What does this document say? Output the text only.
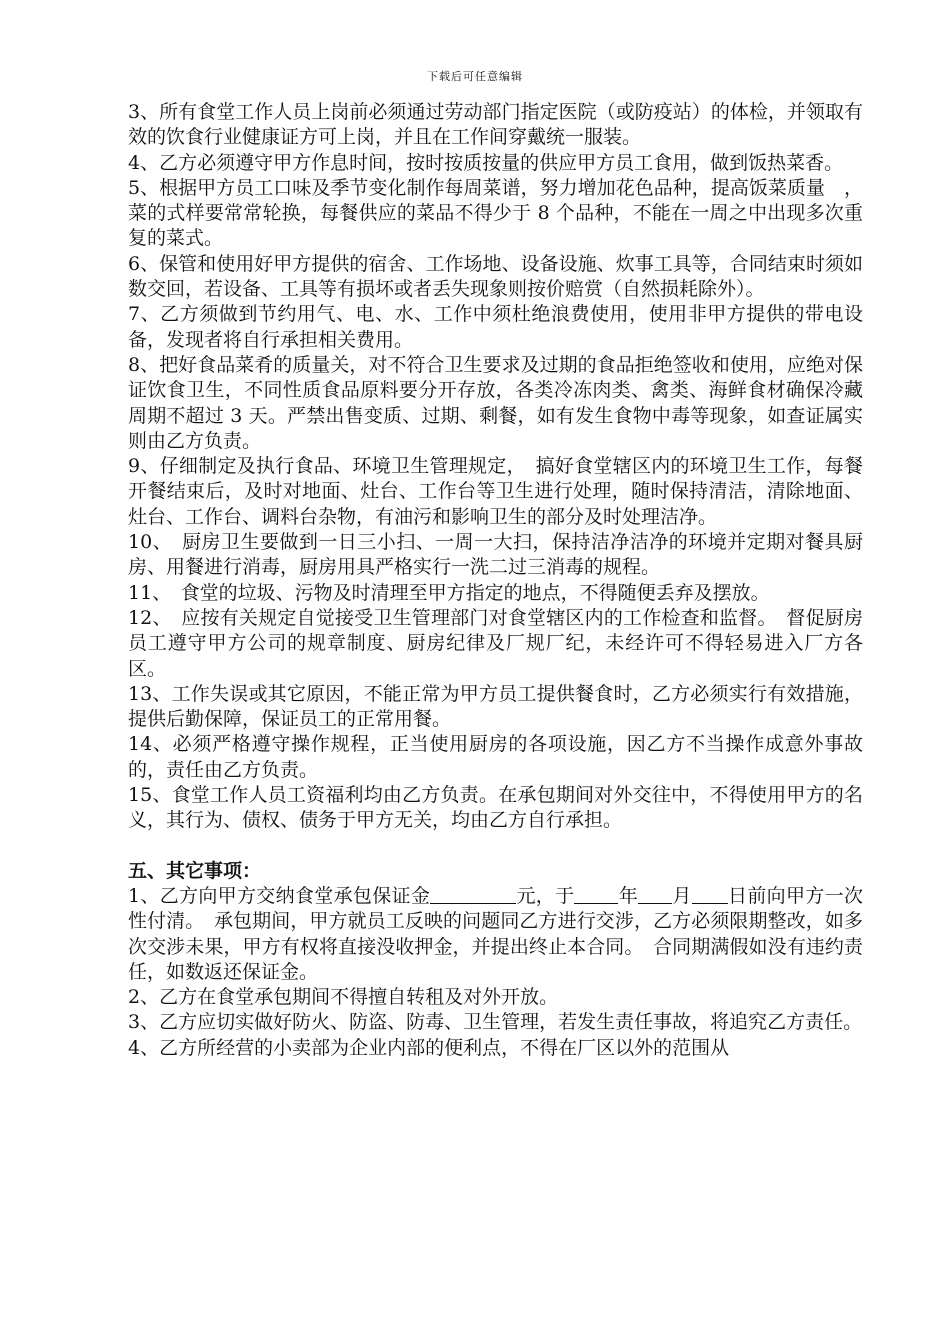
下载后可任意编辑

3、所有食堂工作人员上岗前必须通过劳动部门指定医院（或防疫站）的体检，并领取有效的饮食行业健康证方可上岗，并且在工作间穿戴统一服装。

4、乙方必须遵守甲方作息时间，按时按质按量的供应甲方员工食用，做到饭热菜香。

5、根据甲方员工口味及季节变化制作每周菜谱，努力增加花色品种，提高饭菜质量　，菜的式样要常常轮换，每餐供应的菜品不得少于 8 个品种，不能在一周之中出现多次重复的菜式。

6、保管和使用好甲方提供的宿舍、工作场地、设备设施、炊事工具等，合同结束时须如数交回，若设备、工具等有损坏或者丢失现象则按价赔赏（自然损耗除外）。

7、乙方须做到节约用气、电、水、工作中须杜绝浪费使用，使用非甲方提供的带电设备，发现者将自行承担相关费用。

8、把好食品菜肴的质量关，对不符合卫生要求及过期的食品拒绝签收和使用，应绝对保证饮食卫生，不同性质食品原料要分开存放，各类冷冻肉类、禽类、海鲜食材确保冷藏周期不超过 3 天。严禁出售变质、过期、剩餐，如有发生食物中毒等现象，如查证属实则由乙方负责。

9、仔细制定及执行食品、环境卫生管理规定，　搞好食堂辖区内的环境卫生工作，每餐开餐结束后，及时对地面、灶台、工作台等卫生进行处理，随时保持清洁，清除地面、灶台、工作台、调料台杂物，有油污和影响卫生的部分及时处理洁净。

10、　厨房卫生要做到一日三小扫、一周一大扫，保持洁净洁净的环境并定期对餐具厨房、用餐进行消毒，厨房用具严格实行一洗二过三消毒的规程。

11、　食堂的垃圾、污物及时清理至甲方指定的地点，不得随便丢弃及摆放。

12、　应按有关规定自觉接受卫生管理部门对食堂辖区内的工作检查和监督。　督促厨房员工遵守甲方公司的规章制度、厨房纪律及厂规厂纪，未经许可不得轻易进入厂方各区。

13、工作失误或其它原因，不能正常为甲方员工提供餐食时，乙方必须实行有效措施，提供后勤保障，保证员工的正常用餐。

14、必须严格遵守操作规程，正当使用厨房的各项设施，因乙方不当操作成意外事故的，责任由乙方负责。

15、食堂工作人员工资福利均由乙方负责。在承包期间对外交往中，不得使用甲方的名义，其行为、债权、债务于甲方无关，均由乙方自行承担。

五、其它事项：

1、乙方向甲方交纳食堂承包保证金	元，于 年 月 日前向甲方一次性付清。　承包期间，甲方就员工反映的问题同乙方进行交涉，乙方必须限期整改，如多次交涉未果，甲方有权将直接没收押金，并提出终止本合同。　合同期满假如没有违约责任，如数返还保证金。

2、乙方在食堂承包期间不得擅自转租及对外开放。

3、乙方应切实做好防火、防盗、防毒、卫生管理，若发生责任事故，将追究乙方责任。

4、乙方所经营的小卖部为企业内部的便利点，不得在厂区以外的范围从
